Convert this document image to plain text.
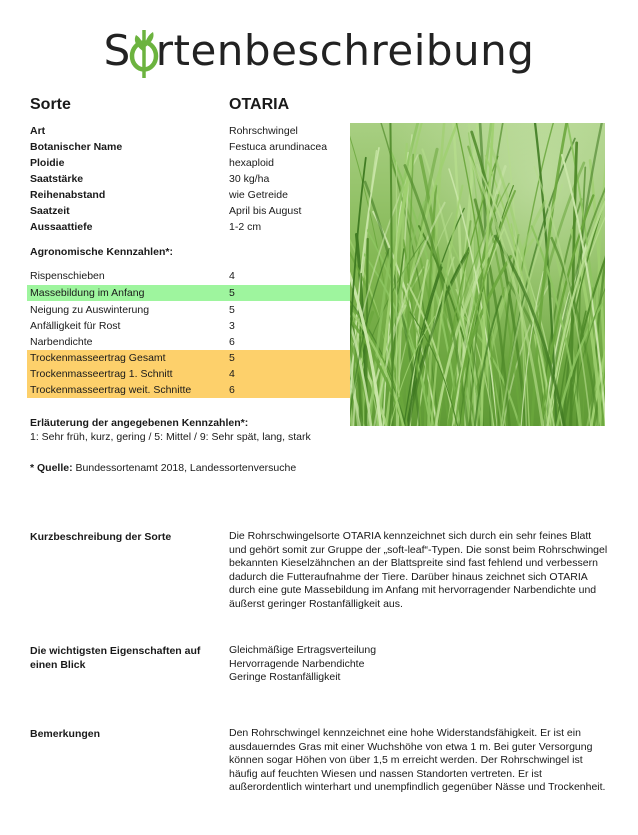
S rtenbeschreibung
Sorte	OTARIA
Art	Rohrschwingel
Botanischer Name	Festuca arundinacea
Ploidie	hexaploid
Saatstärke	30 kg/ha
Reihenabstand	wie Getreide
Saatzeit	April bis August
Aussaattiefe	1-2 cm
Agronomische Kennzahlen*:
Rispenschieben	4
Massebildung im Anfang	5
Neigung zu Auswinterung	5
Anfälligkeit für Rost	3
Narbendichte	6
Trockenmasseertrag Gesamt	5
Trockenmasseertrag 1. Schnitt	4
Trockenmasseertrag weit. Schnitte	6
Erläuterung der angegebenen Kennzahlen*:
1: Sehr früh, kurz, gering / 5: Mittel / 9: Sehr spät, lang, stark
* Quelle: Bundessortenamt 2018, Landessortenversuche
Kurzbeschreibung der Sorte	Die Rohrschwingelsorte OTARIA kennzeichnet sich durch ein sehr feines Blatt
und gehört somit zur Gruppe der „soft-leaf“-Typen. Die sonst beim Rohrschwingel
bekannten Kieselzähnchen an der Blattspreite sind fast fehlend und verbessern
dadurch die Futteraufnahme der Tiere. Darüber hinaus zeichnet sich OTARIA
durch eine gute Massebildung im Anfang mit hervorragender Narbendichte und
äußerst geringer Rostanfälligkeit aus.
Die wichtigsten Eigenschaften auf einen Blick
Gleichmäßige Ertragsverteilung
Hervorragende Narbendichte
Geringe Rostanfälligkeit
Bemerkungen	Den Rohrschwingel kennzeichnet eine hohe Widerstandsfähigkeit. Er ist ein
ausdauerndes Gras mit einer Wuchshöhe von etwa 1 m. Bei guter Versorgung
können sogar Höhen von über 1,5 m erreicht werden. Der Rohrschwingel ist
häufig auf feuchten Wiesen und nassen Standorten vertreten. Er ist
außerordentlich winterhart und unempfindlich gegenüber Nässe und Trockenheit.
